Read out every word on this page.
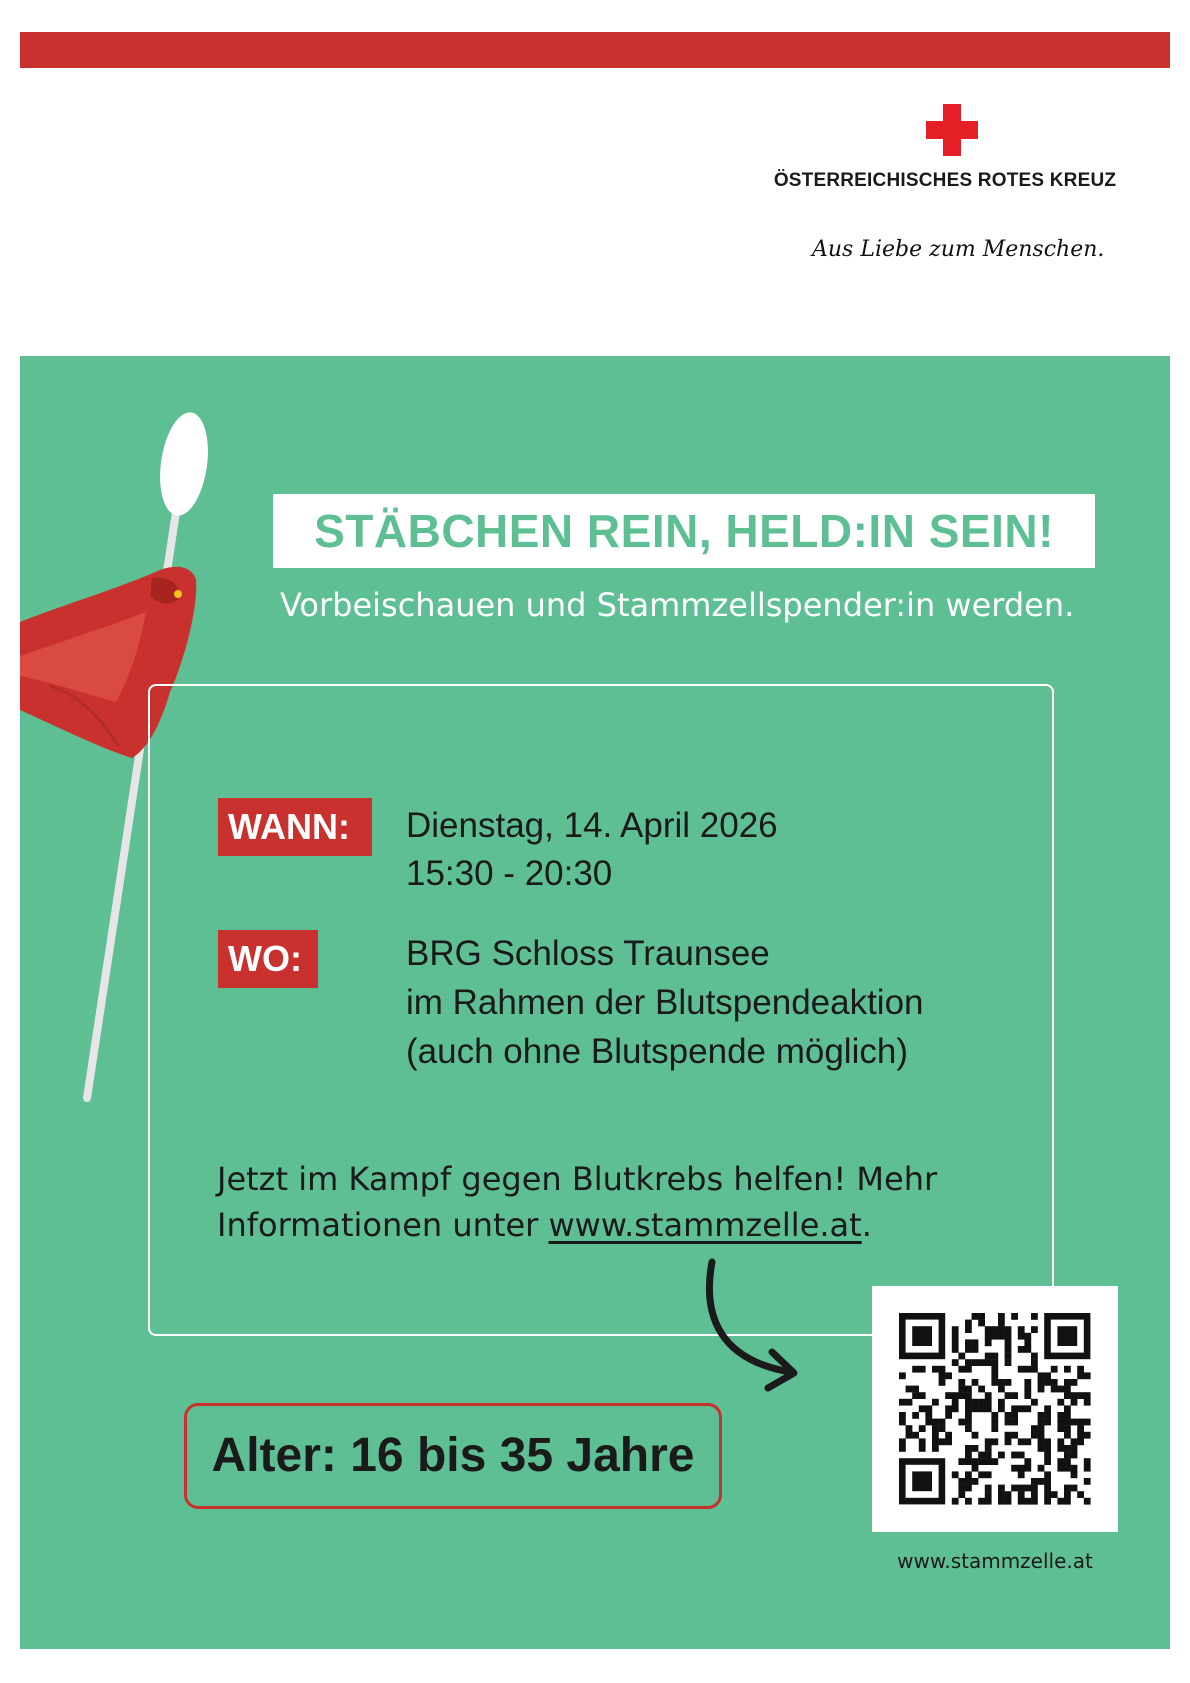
ÖSTERREICHISCHES ROTES KREUZ
Aus Liebe zum Menschen.
STÄBCHEN REIN, HELD:IN SEIN!
Vorbeischauen und Stammzellspender:in werden.
WANN:	Dienstag, 14. April 2026
15:30 - 20:30
WO:	BRG Schloss Traunsee
im Rahmen der Blutspendeaktion
(auch ohne Blutspende möglich)
Jetzt im Kampf gegen Blutkrebs helfen! Mehr Informationen unter www.stammzelle.at.
Alter: 16 bis 35 Jahre
www.stammzelle.at
